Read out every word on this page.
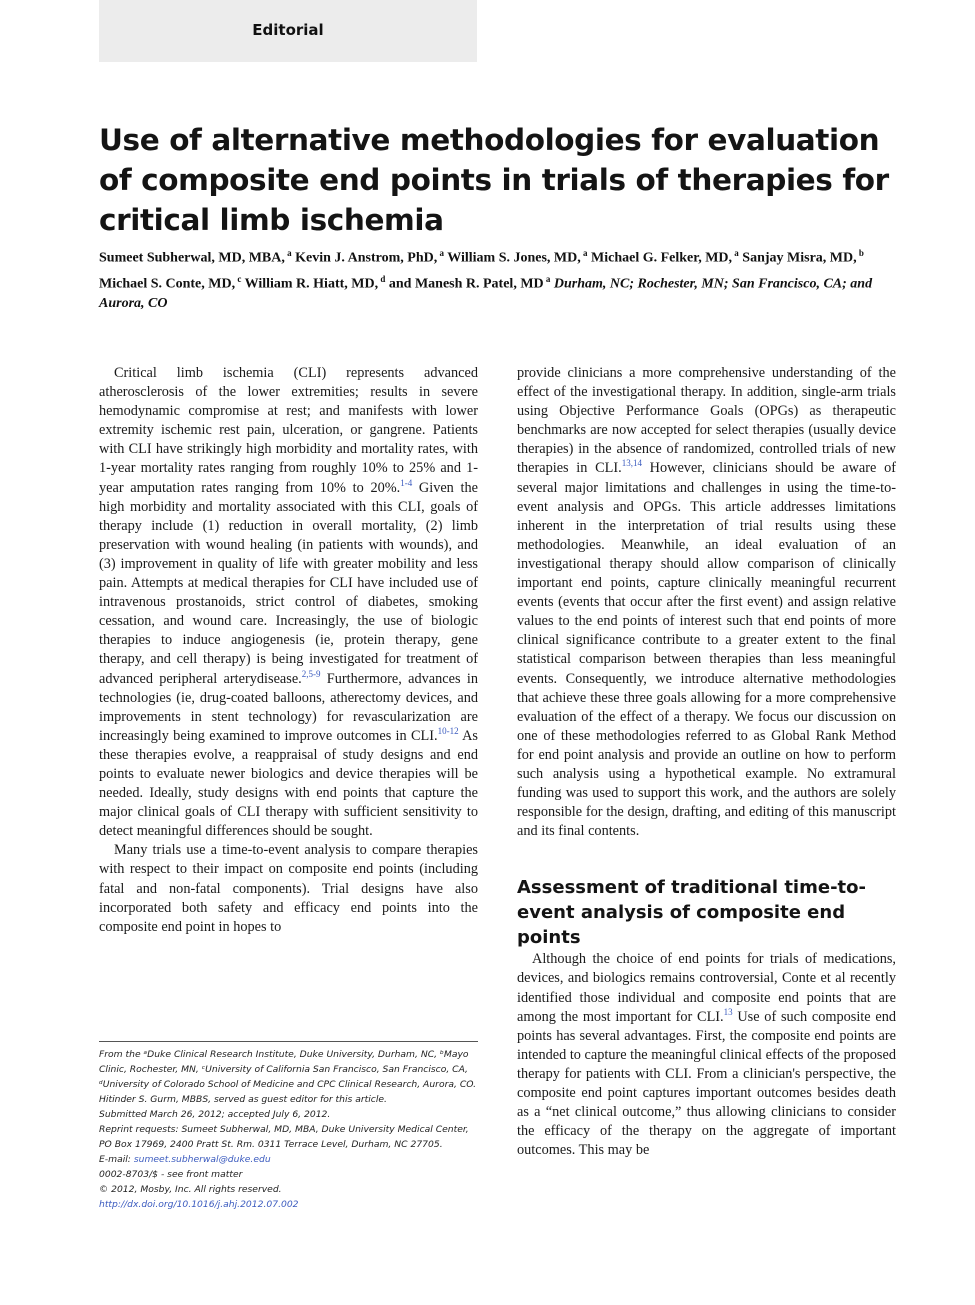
Editorial
Use of alternative methodologies for evaluation of composite end points in trials of therapies for critical limb ischemia
Sumeet Subherwal, MD, MBA, $^a$ Kevin J. Anstrom, PhD, $^a$ William S. Jones, MD, $^a$ Michael G. Felker, MD, $^a$ Sanjay Misra, MD, $^b$ Michael S. Conte, MD, $^c$ William R. Hiatt, MD, $^d$ and Manesh R. Patel, MD $^a$ Durham, NC; Rochester, MN; San Francisco, CA; and Aurora, CO

Critical limb ischemia (CLI) represents advanced atherosclerosis of the lower extremities; results in severe hemodynamic compromise at rest; and manifests with lower extremity ischemic rest pain, ulceration, or gangrene. Patients with CLI have strikingly high morbidity and mortality rates, with 1-year mortality rates ranging from roughly 10% to 25% and 1-year amputation rates ranging from 10% to 20%.$^{1-4}$ Given the high morbidity and mortality associated with this CLI, goals of therapy include (1) reduction in overall mortality, (2) limb preservation with wound healing (in patients with wounds), and (3) improvement in quality of life with greater mobility and less pain. Attempts at medical therapies for CLI have included use of intravenous prostanoids, strict control of diabetes, smoking cessation, and wound care. Increasingly, the use of biologic therapies to induce angiogenesis (ie, protein therapy, gene therapy, and cell therapy) is being investigated for treatment of advanced peripheral arterydisease.$^{2,5-9}$ Furthermore, advances in technologies (ie, drug-coated balloons, atherectomy devices, and improvements in stent technology) for revascularization are increasingly being examined to improve outcomes in CLI.$^{10-12}$ As these therapies evolve, a reappraisal of study designs and end points to evaluate newer biologics and device therapies will be needed. Ideally, study designs with end points that capture the major clinical goals of CLI therapy with sufficient sensitivity to detect meaningful differences should be sought.

Many trials use a time-to-event analysis to compare therapies with respect to their impact on composite end points (including fatal and non-fatal components). Trial designs have also incorporated both safety and efficacy end points into the composite end point in hopes to

provide clinicians a more comprehensive understanding of the effect of the investigational therapy. In addition, single-arm trials using Objective Performance Goals (OPGs) as therapeutic benchmarks are now accepted for select therapies (usually device therapies) in the absence of randomized, controlled trials of new therapies in CLI.$^{13,14}$ However, clinicians should be aware of several major limitations and challenges in using the time-to-event analysis and OPGs. This article addresses limitations inherent in the interpretation of trial results using these methodologies. Meanwhile, an ideal evaluation of an investigational therapy should allow comparison of clinically important end points, capture clinically meaningful recurrent events (events that occur after the first event) and assign relative values to the end points of interest such that end points of more clinical significance contribute to a greater extent to the final statistical comparison between therapies than less meaningful events. Consequently, we introduce alternative methodologies that achieve these three goals allowing for a more comprehensive evaluation of the effect of a therapy. We focus our discussion on one of these methodologies referred to as Global Rank Method for end point analysis and provide an outline on how to perform such analysis using a hypothetical example. No extramural funding was used to support this work, and the authors are solely responsible for the design, drafting, and editing of this manuscript and its final contents.

Assessment of traditional time-to-event analysis of composite end points

Although the choice of end points for trials of medications, devices, and biologics remains controversial, Conte et al recently identified those individual and composite end points that are among the most important for CLI.$^{13}$ Use of such composite end points has several advantages. First, the composite end points are intended to capture the meaningful clinical effects of the proposed therapy for patients with CLI. From a clinician's perspective, the composite end point captures important outcomes besides death as a “net clinical outcome,” thus allowing clinicians to consider the efficacy of the therapy on the aggregate of important outcomes. This may be

From the ᵃDuke Clinical Research Institute, Duke University, Durham, NC, ᵇMayo Clinic, Rochester, MN, ᶜUniversity of California San Francisco, San Francisco, CA, ᵈUniversity of Colorado School of Medicine and CPC Clinical Research, Aurora, CO.
Hitinder S. Gurm, MBBS, served as guest editor for this article.
Submitted March 26, 2012; accepted July 6, 2012.
Reprint requests: Sumeet Subherwal, MD, MBA, Duke University Medical Center, PO Box 17969, 2400 Pratt St. Rm. 0311 Terrace Level, Durham, NC 27705.
E-mail: sumeet.subherwal@duke.edu
0002-8703/$ - see front matter
© 2012, Mosby, Inc. All rights reserved.
http://dx.doi.org/10.1016/j.ahj.2012.07.002
